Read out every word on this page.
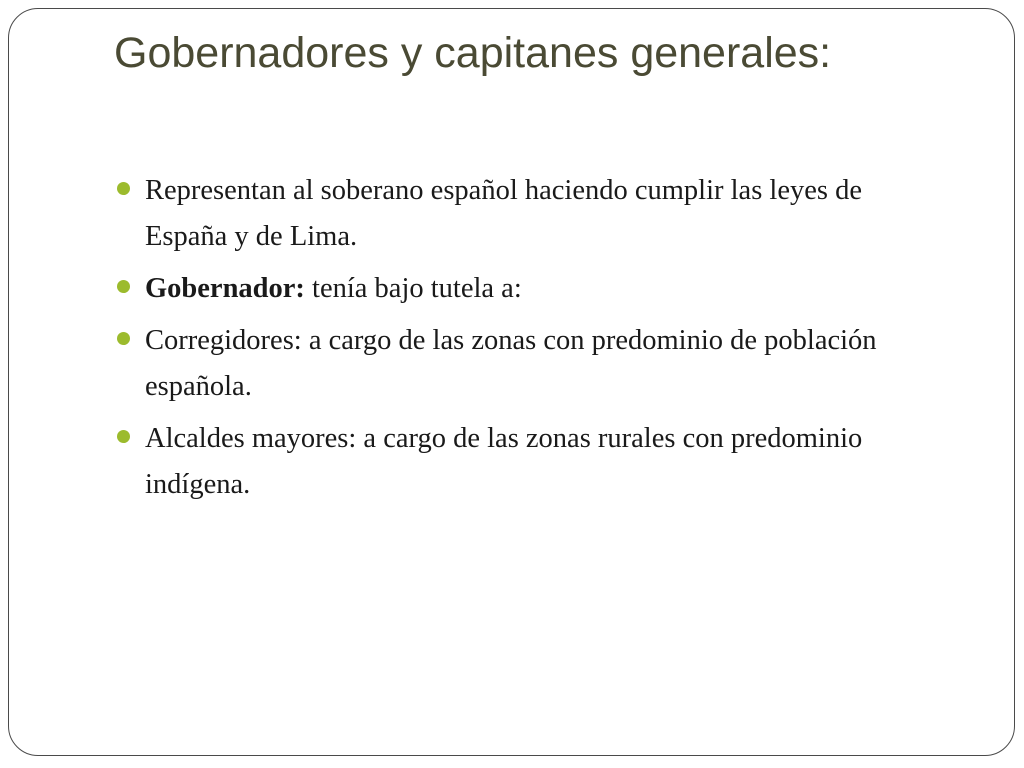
Gobernadores y capitanes generales:
Representan al soberano español haciendo cumplir las leyes de España y de Lima.
Gobernador: tenía bajo tutela a:
Corregidores: a cargo de las zonas con predominio de población española.
Alcaldes mayores: a cargo de las zonas rurales con predominio indígena.
